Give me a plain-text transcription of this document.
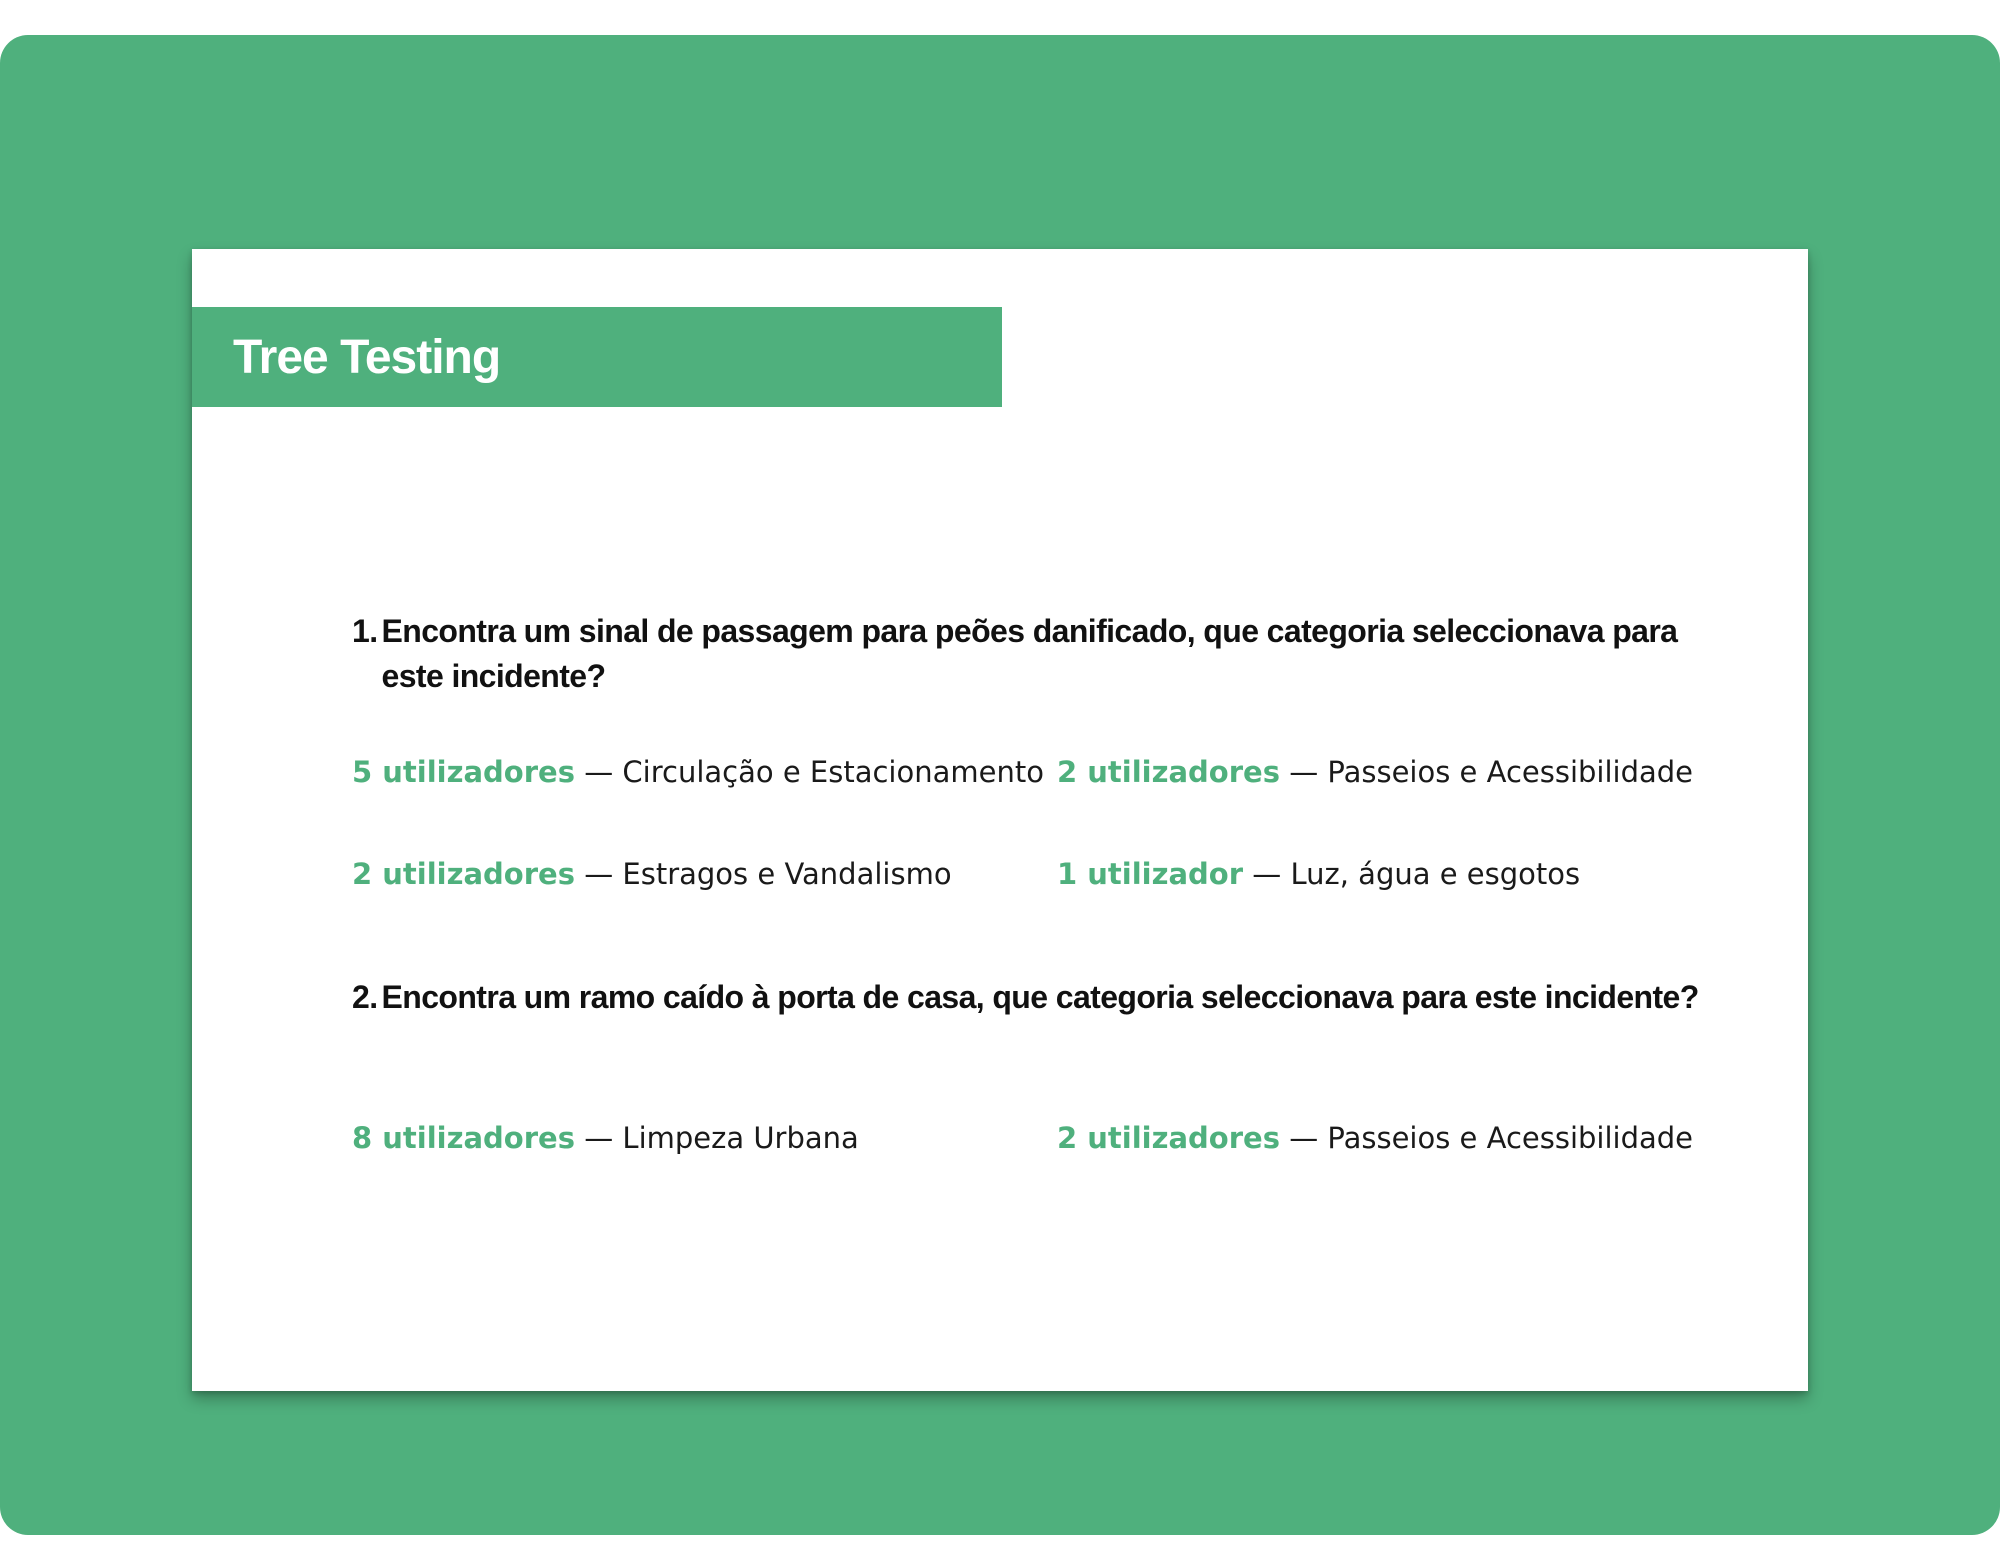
Tree Testing
1. Encontra um sinal de passagem para peões danificado, que categoria seleccionava para este incidente?
5 utilizadores — Circulação e Estacionamento 2 utilizadores — Passeios e Acessibilidade
2 utilizadores — Estragos e Vandalismo	1 utilizador — Luz, água e esgotos
2. Encontra um ramo caído à porta de casa, que categoria seleccionava para este incidente?
8 utilizadores — Limpeza Urbana	2 utilizadores — Passeios e Acessibilidade
